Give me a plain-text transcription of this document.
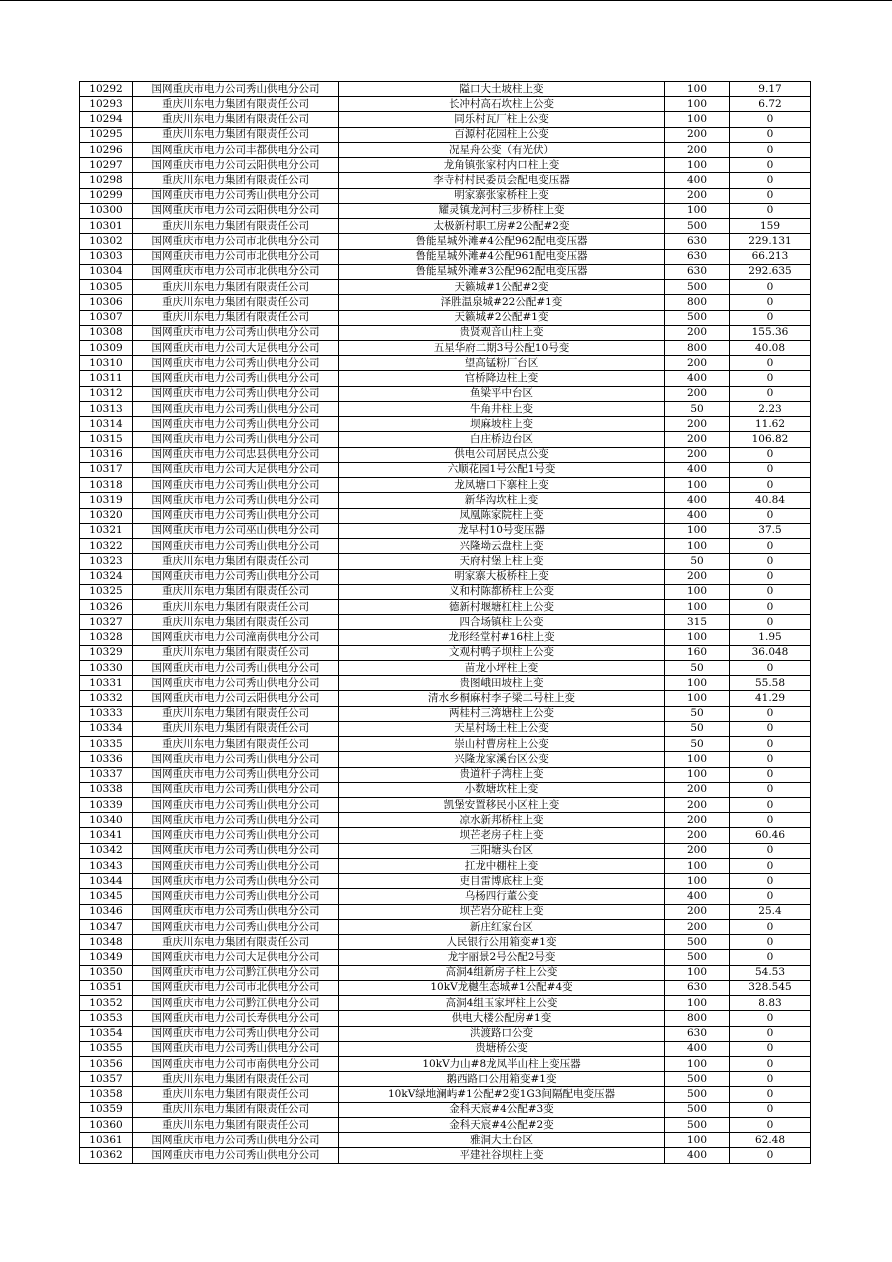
10292	国网重庆市电力公司秀山供电分公司	隘口大土坡柱上变	100	9.17
10293	重庆川东电力集团有限责任公司	长冲村高石坎柱上公变	100	6.72
10294	重庆川东电力集团有限责任公司	同乐村瓦厂柱上公变	100	0
10295	重庆川东电力集团有限责任公司	百源村花园柱上公变	200	0
10296	国网重庆市电力公司丰都供电分公司	况星舟公变（有光伏）	200	0
10297	国网重庆市电力公司云阳供电分公司	龙角镇张家村内口柱上变	100	0
10298	重庆川东电力集团有限责任公司	李寺村村民委员会配电变压器	400	0
10299	国网重庆市电力公司秀山供电分公司	明家寨张家桥柱上变	200	0
10300	国网重庆市电力公司云阳供电分公司	耀灵镇龙河村三步桥柱上变	100	0
10301	重庆川东电力集团有限责任公司	太极新村职工房#2公配#2变	500	159
10302	国网重庆市电力公司市北供电分公司	鲁能星城外滩#4公配962配电变压器	630	229.131
10303	国网重庆市电力公司市北供电分公司	鲁能星城外滩#4公配961配电变压器	630	66.213
10304	国网重庆市电力公司市北供电分公司	鲁能星城外滩#3公配962配电变压器	630	292.635
10305	重庆川东电力集团有限责任公司	天籁城#1公配#2变	500	0
10306	重庆川东电力集团有限责任公司	泽胜温泉城#22公配#1变	800	0
10307	重庆川东电力集团有限责任公司	天籁城#2公配#1变	500	0
10308	国网重庆市电力公司秀山供电分公司	贵贤观音山柱上变	200	155.36
10309	国网重庆市电力公司大足供电分公司	五星华府二期3号公配10号变	800	40.08
10310	国网重庆市电力公司秀山供电分公司	望高锰粉厂台区	200	0
10311	国网重庆市电力公司秀山供电分公司	官桥降边柱上变	400	0
10312	国网重庆市电力公司秀山供电分公司	鱼梁平中台区	200	0
10313	国网重庆市电力公司秀山供电分公司	牛角井柱上变	50	2.23
10314	国网重庆市电力公司秀山供电分公司	坝麻坡柱上变	200	11.62
10315	国网重庆市电力公司秀山供电分公司	白庄桥边台区	200	106.82
10316	国网重庆市电力公司忠县供电分公司	供电公司居民点公变	200	0
10317	国网重庆市电力公司大足供电分公司	六顺花园1号公配1号变	400	0
10318	国网重庆市电力公司秀山供电分公司	龙凤塘口下寨柱上变	100	0
10319	国网重庆市电力公司秀山供电分公司	新华沟坎柱上变	400	40.84
10320	国网重庆市电力公司秀山供电分公司	凤凰陈家院柱上变	400	0
10321	国网重庆市电力公司巫山供电分公司	龙早村10号变压器	100	37.5
10322	国网重庆市电力公司秀山供电分公司	兴隆坳云盘柱上变	100	0
10323	重庆川东电力集团有限责任公司	天府村堡上柱上变	50	0
10324	国网重庆市电力公司秀山供电分公司	明家寨大板桥柱上变	200	0
10325	重庆川东电力集团有限责任公司	义和村陈都桥柱上公变	100	0
10326	重庆川东电力集团有限责任公司	德新村堰塘杠柱上公变	100	0
10327	重庆川东电力集团有限责任公司	四合场镇柱上公变	315	0
10328	国网重庆市电力公司潼南供电分公司	龙形经堂村#16柱上变	100	1.95
10329	重庆川东电力集团有限责任公司	文观村鸭子坝柱上公变	160	36.048
10330	国网重庆市电力公司秀山供电分公司	苗龙小坪柱上变	50	0
10331	国网重庆市电力公司秀山供电分公司	贵图峨田坡柱上变	100	55.58
10332	国网重庆市电力公司云阳供电分公司	清水乡桐麻村李子梁二号柱上变	100	41.29
10333	重庆川东电力集团有限责任公司	两桂村三湾塘柱上公变	50	0
10334	重庆川东电力集团有限责任公司	天星村场土柱上公变	50	0
10335	重庆川东电力集团有限责任公司	崇山村曹房柱上公变	50	0
10336	国网重庆市电力公司秀山供电分公司	兴隆龙家溪台区公变	100	0
10337	国网重庆市电力公司秀山供电分公司	贵道杆子湾柱上变	100	0
10338	国网重庆市电力公司秀山供电分公司	小数塘坎柱上变	200	0
10339	国网重庆市电力公司秀山供电分公司	凯堡安置移民小区柱上变	200	0
10340	国网重庆市电力公司秀山供电分公司	凉水新邦桥柱上变	200	0
10341	国网重庆市电力公司秀山供电分公司	坝芒老房子柱上变	200	60.46
10342	国网重庆市电力公司秀山供电分公司	三阳塘头台区	200	0
10343	国网重庆市电力公司秀山供电分公司	扛龙中棚柱上变	100	0
10344	国网重庆市电力公司秀山供电分公司	吏目雷博底柱上变	100	0
10345	国网重庆市电力公司秀山供电分公司	乌杨四行董公变	400	0
10346	国网重庆市电力公司秀山供电分公司	坝芒岩分砣柱上变	200	25.4
10347	国网重庆市电力公司秀山供电分公司	新庄红家台区	200	0
10348	重庆川东电力集团有限责任公司	人民银行公用箱变#1变	500	0
10349	国网重庆市电力公司大足供电分公司	龙宇丽景2号公配2号变	500	0
10350	国网重庆市电力公司黔江供电分公司	高洞4组新房子柱上公变	100	54.53
10351	国网重庆市电力公司市北供电分公司	10kV龙樾生态城#1公配#4变	630	328.545
10352	国网重庆市电力公司黔江供电分公司	高洞4组玉家坪柱上公变	100	8.83
10353	国网重庆市电力公司长寿供电分公司	供电大楼公配房#1变	800	0
10354	国网重庆市电力公司秀山供电分公司	洪渡路口公变	630	0
10355	国网重庆市电力公司秀山供电分公司	贵塘桥公变	400	0
10356	国网重庆市电力公司市南供电分公司	10kV力山#8龙凤半山柱上变压器	100	0
10357	重庆川东电力集团有限责任公司	鹅西路口公用箱变#1变	500	0
10358	重庆川东电力集团有限责任公司	10kV绿地澜屿#1公配#2变1G3间隔配电变压器	500	0
10359	重庆川东电力集团有限责任公司	金科天宸#4公配#3变	500	0
10360	重庆川东电力集团有限责任公司	金科天宸#4公配#2变	500	0
10361	国网重庆市电力公司秀山供电分公司	雅洞大土台区	100	62.48
10362	国网重庆市电力公司秀山供电分公司	平建社谷坝柱上变	400	0
